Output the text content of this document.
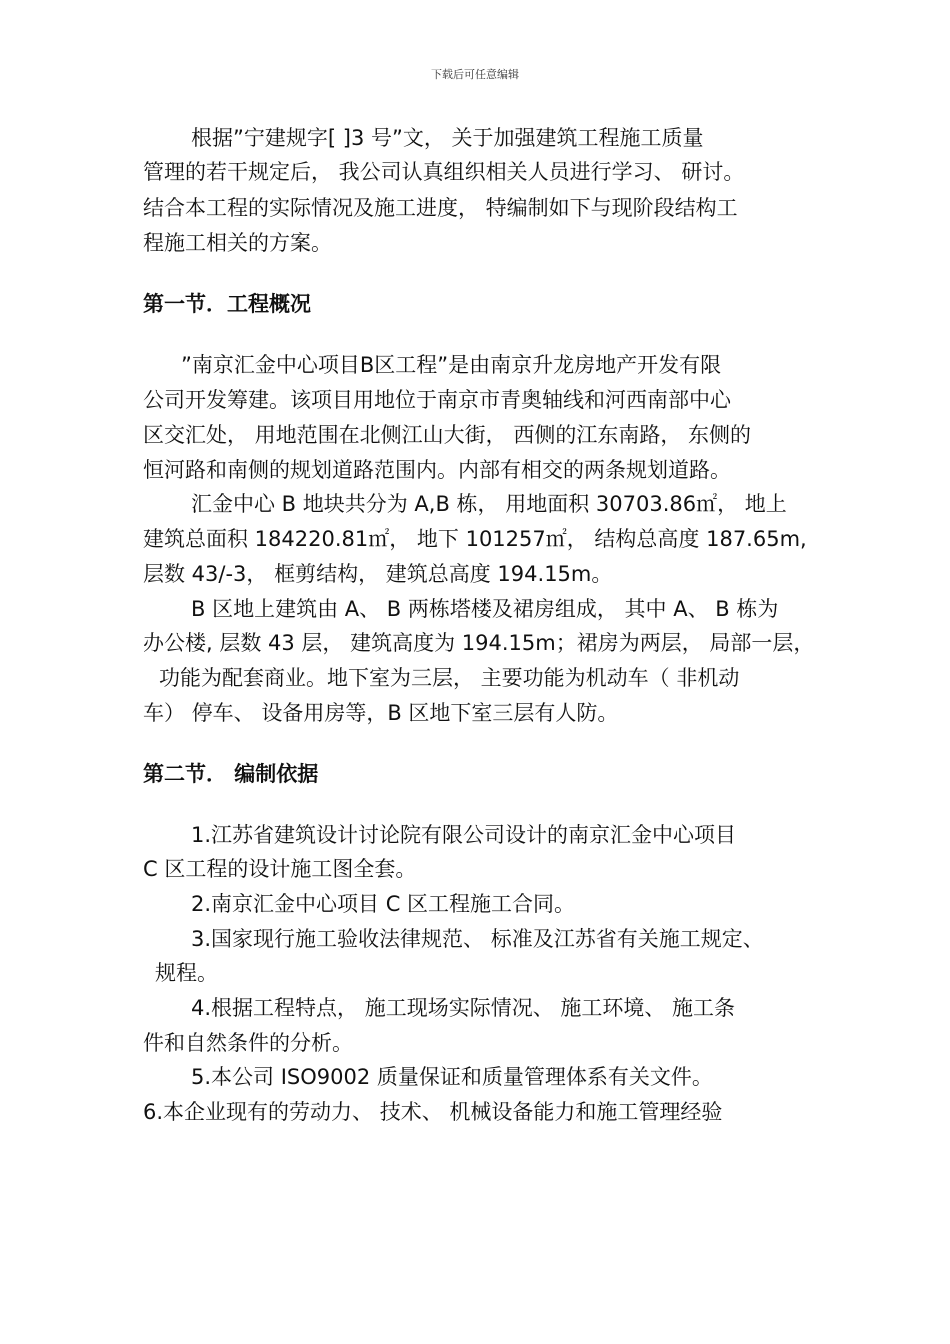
下载后可任意编辑
根据”宁建规字[ ]3 号”文， 关于加强建筑工程施工质量
管理的若干规定后， 我公司认真组织相关人员进行学习、 研讨。
结合本工程的实际情况及施工进度， 特编制如下与现阶段结构工
程施工相关的方案。
第一节．工程概况
”南京汇金中心项目B区工程”是由南京升龙房地产开发有限
公司开发筹建。该项目用地位于南京市青奥轴线和河西南部中心
区交汇处， 用地范围在北侧江山大街， 西侧的江东南路， 东侧的
恒河路和南侧的规划道路范围内。内部有相交的两条规划道路。
汇金中心 B 地块共分为 A,B 栋， 用地面积 30703.86㎡， 地上
建筑总面积 184220.81㎡， 地下 101257㎡， 结构总高度 187.65m,
层数 43/-3， 框剪结构， 建筑总高度 194.15m。
B 区地上建筑由 A、 B 两栋塔楼及裙房组成， 其中 A、 B 栋为
办公楼, 层数 43 层， 建筑高度为 194.15m；裙房为两层， 局部一层，
功能为配套商业。地下室为三层， 主要功能为机动车（ 非机动
车） 停车、 设备用房等，B 区地下室三层有人防。
第二节． 编制依据
1.江苏省建筑设计讨论院有限公司设计的南京汇金中心项目
C 区工程的设计施工图全套。
2.南京汇金中心项目 C 区工程施工合同。
3.国家现行施工验收法律规范、 标准及江苏省有关施工规定、
规程。
4.根据工程特点， 施工现场实际情况、 施工环境、 施工条
件和自然条件的分析。
5.本公司 ISO9002 质量保证和质量管理体系有关文件。
6.本企业现有的劳动力、 技术、 机械设备能力和施工管理经验
